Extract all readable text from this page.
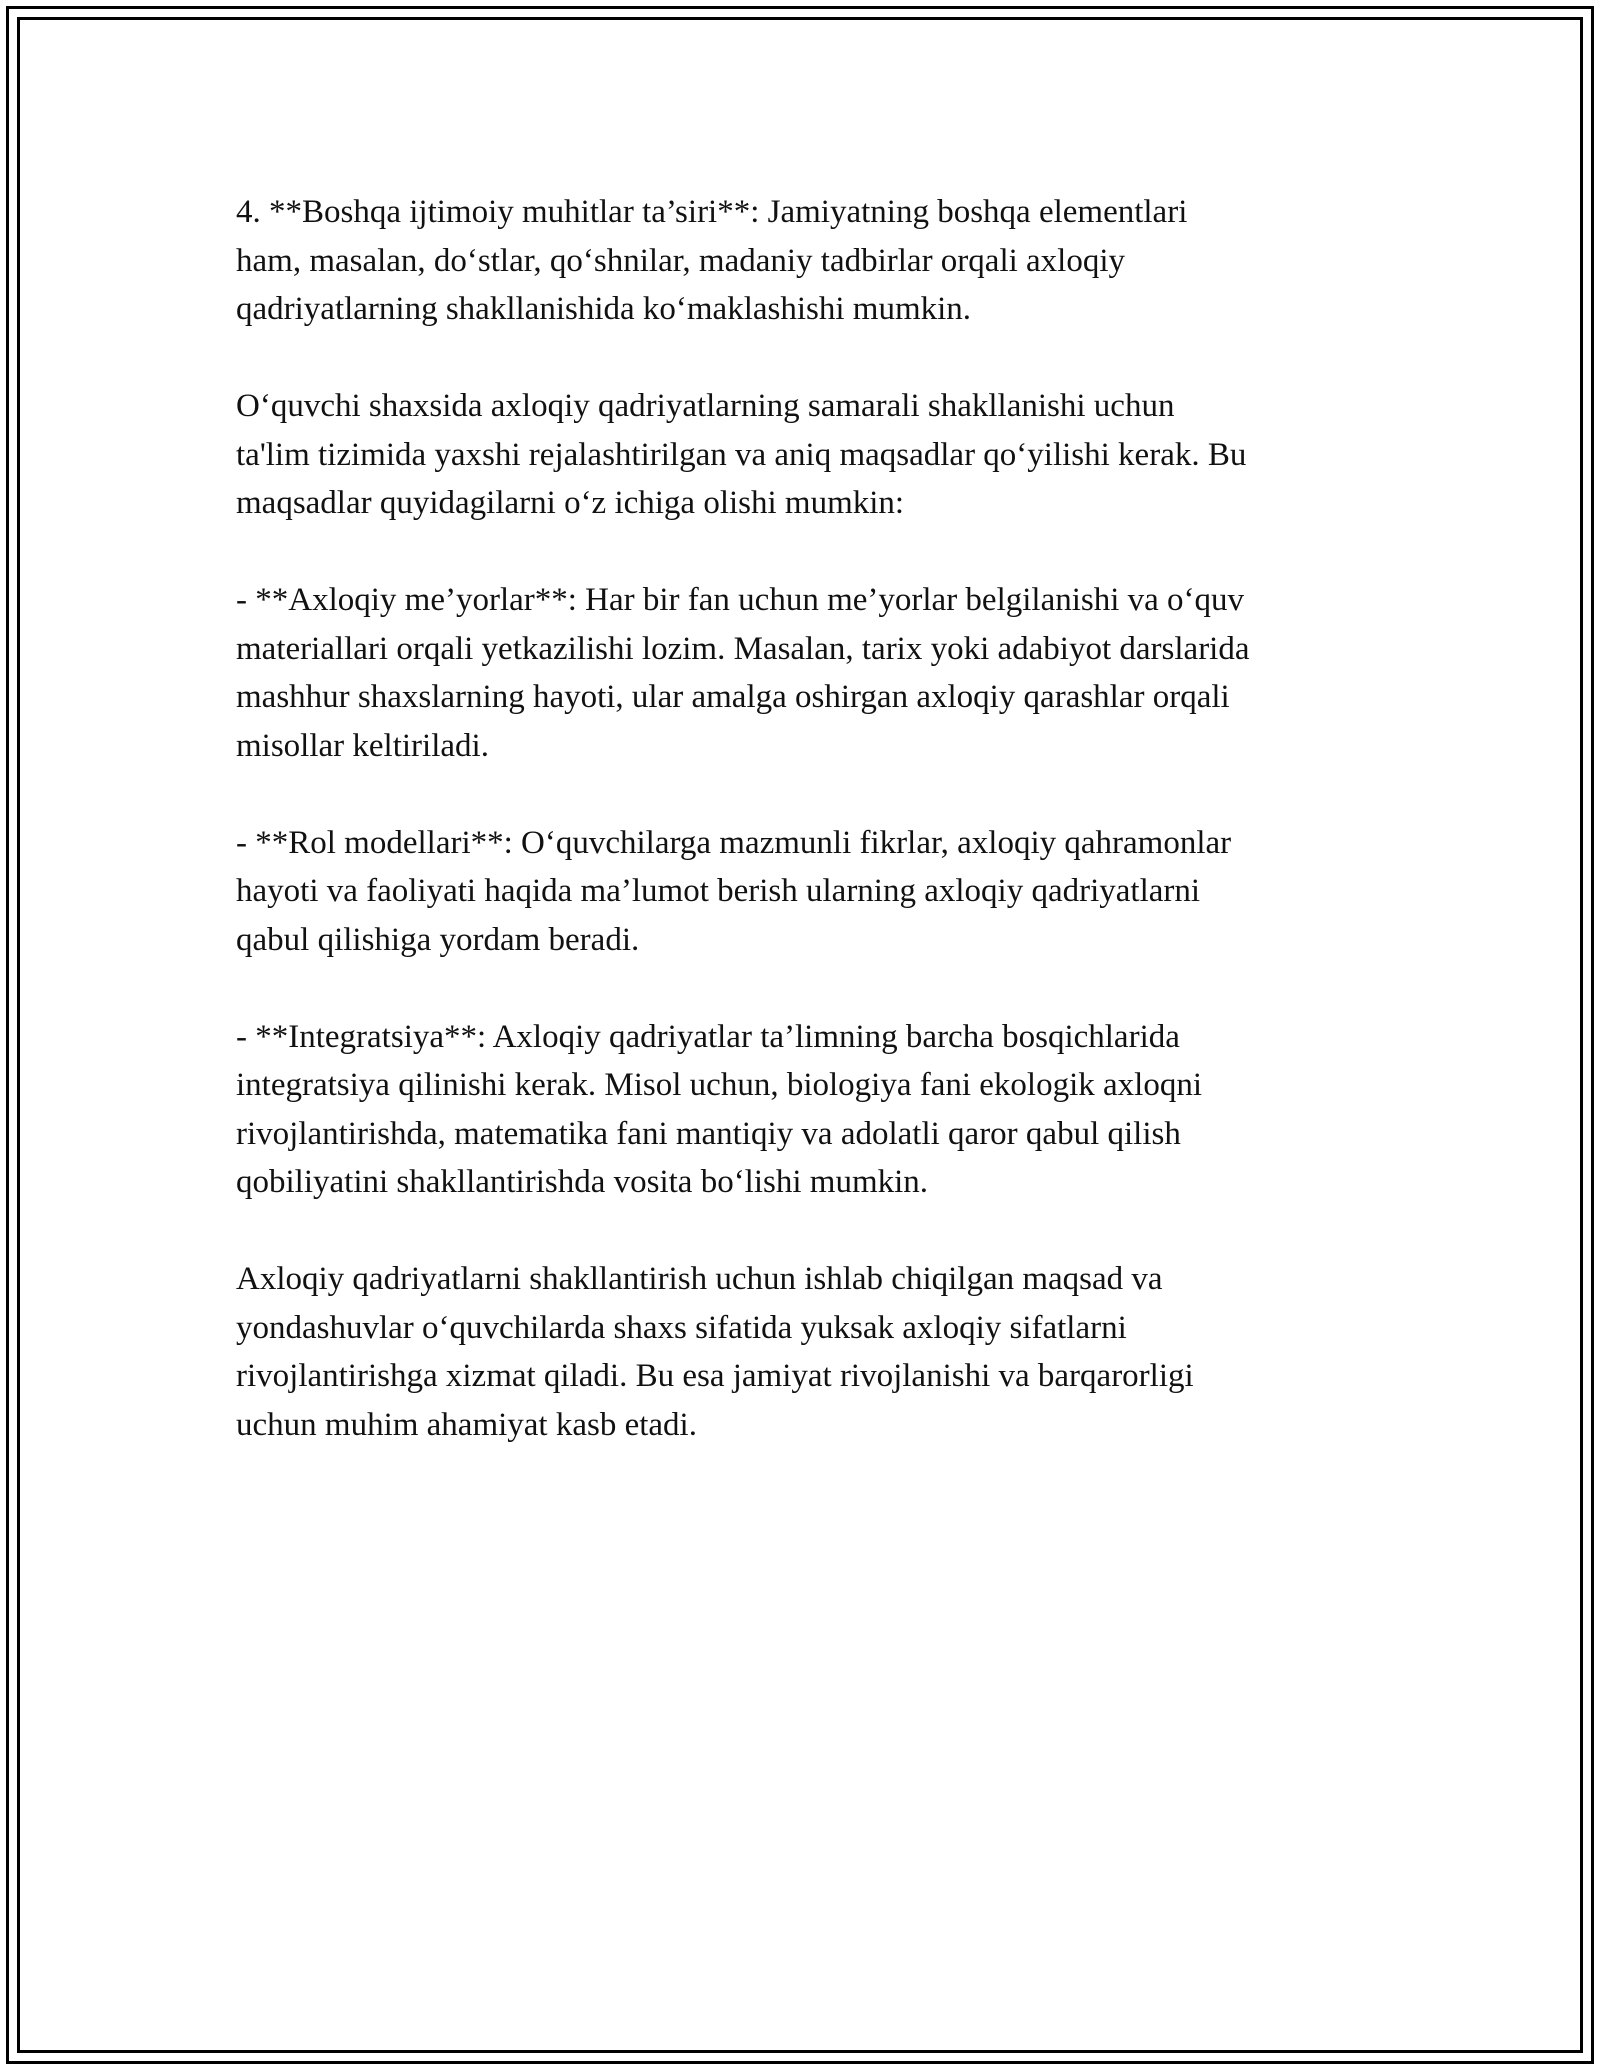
4. **Boshqa ijtimoiy muhitlar ta’siri**: Jamiyatning boshqa elementlari
ham, masalan, do‘stlar, qo‘shnilar, madaniy tadbirlar orqali axloqiy
qadriyatlarning shakllanishida ko‘maklashishi mumkin.

O‘quvchi shaxsida axloqiy qadriyatlarning samarali shakllanishi uchun
ta'lim tizimida yaxshi rejalashtirilgan va aniq maqsadlar qo‘yilishi kerak. Bu
maqsadlar quyidagilarni o‘z ichiga olishi mumkin:

- **Axloqiy me’yorlar**: Har bir fan uchun me’yorlar belgilanishi va o‘quv
materiallari orqali yetkazilishi lozim. Masalan, tarix yoki adabiyot darslarida
mashhur shaxslarning hayoti, ular amalga oshirgan axloqiy qarashlar orqali
misollar keltiriladi.

- **Rol modellari**: O‘quvchilarga mazmunli fikrlar, axloqiy qahramonlar
hayoti va faoliyati haqida ma’lumot berish ularning axloqiy qadriyatlarni
qabul qilishiga yordam beradi.

- **Integratsiya**: Axloqiy qadriyatlar ta’limning barcha bosqichlarida
integratsiya qilinishi kerak. Misol uchun, biologiya fani ekologik axloqni
rivojlantirishda, matematika fani mantiqiy va adolatli qaror qabul qilish
qobiliyatini shakllantirishda vosita bo‘lishi mumkin.

Axloqiy qadriyatlarni shakllantirish uchun ishlab chiqilgan maqsad va
yondashuvlar o‘quvchilarda shaxs sifatida yuksak axloqiy sifatlarni
rivojlantirishga xizmat qiladi. Bu esa jamiyat rivojlanishi va barqarorligi
uchun muhim ahamiyat kasb etadi.
